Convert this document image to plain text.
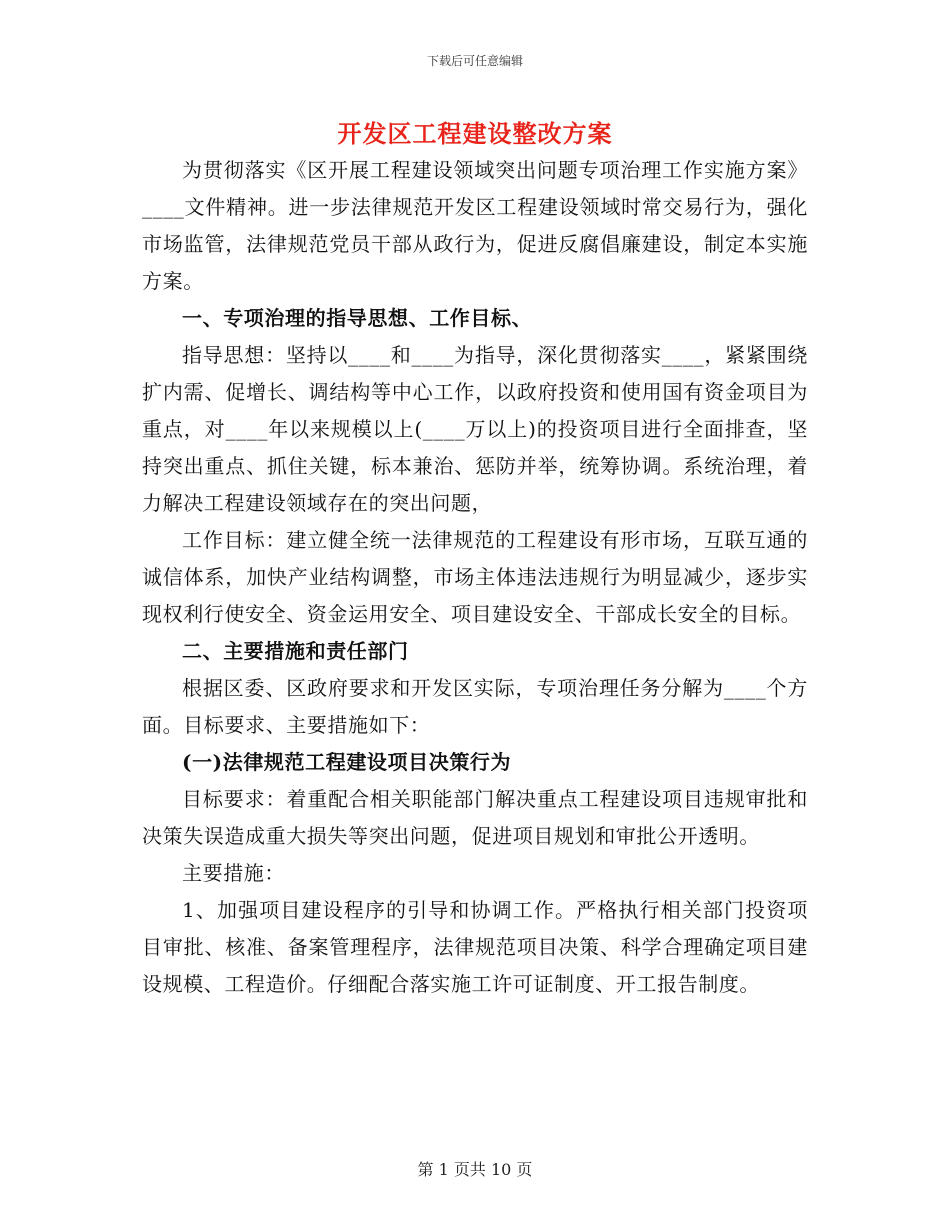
下载后可任意编辑
开发区工程建设整改方案

为贯彻落实《区开展工程建设领域突出问题专项治理工作实施方案》____文件精神。进一步法律规范开发区工程建设领域时常交易行为，强化市场监管，法律规范党员干部从政行为，促进反腐倡廉建设，制定本实施方案。

一、专项治理的指导思想、工作目标、

指导思想：坚持以____和____为指导，深化贯彻落实____，紧紧围绕扩内需、促增长、调结构等中心工作，以政府投资和使用国有资金项目为重点，对____年以来规模以上(____万以上)的投资项目进行全面排查，坚持突出重点、抓住关键，标本兼治、惩防并举，统筹协调。系统治理，着力解决工程建设领域存在的突出问题，

工作目标：建立健全统一法律规范的工程建设有形市场，互联互通的诚信体系，加快产业结构调整，市场主体违法违规行为明显减少，逐步实现权利行使安全、资金运用安全、项目建设安全、干部成长安全的目标。

二、主要措施和责任部门

根据区委、区政府要求和开发区实际，专项治理任务分解为____个方面。目标要求、主要措施如下：

(一)法律规范工程建设项目决策行为

目标要求：着重配合相关职能部门解决重点工程建设项目违规审批和决策失误造成重大损失等突出问题，促进项目规划和审批公开透明。

主要措施：

1、加强项目建设程序的引导和协调工作。严格执行相关部门投资项目审批、核准、备案管理程序，法律规范项目决策、科学合理确定项目建设规模、工程造价。仔细配合落实施工许可证制度、开工报告制度。

第 1 页共 10 页
